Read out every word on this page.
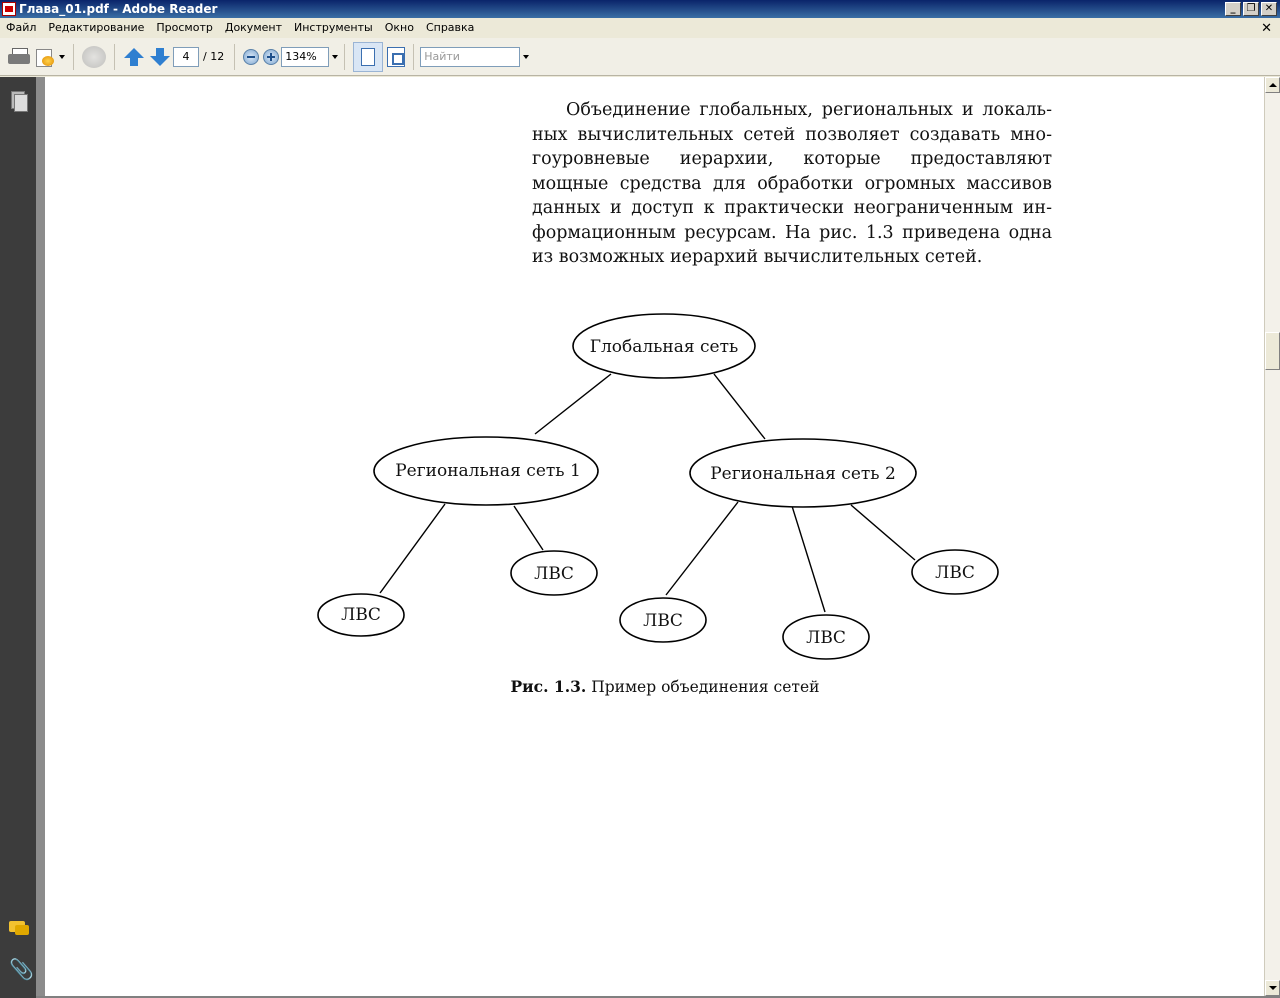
Глава_01.pdf - Adobe Reader	_	❐ ✕
Файл	Редактирование	Просмотр	Документ	Инструменты	Окно	Справка	✕
4	/ 12	134%	Найти
📎
Объединение глобальных, региональных и локаль-
ных вычислительных сетей позволяет создавать мно-
гоуровневые иерархии, которые предоставляют
мощные средства для обработки огромных массивов
данных и доступ к практически неограниченным ин-
формационным ресурсам. На рис. 1.3 приведена одна
из возможных иерархий вычислительных сетей.
Глобальная сеть
Региональная сеть 1	Региональная сеть 2
ЛВС
ЛВС
ЛВС
ЛВС
ЛВС
Рис. 1.3. Пример объединения сетей
